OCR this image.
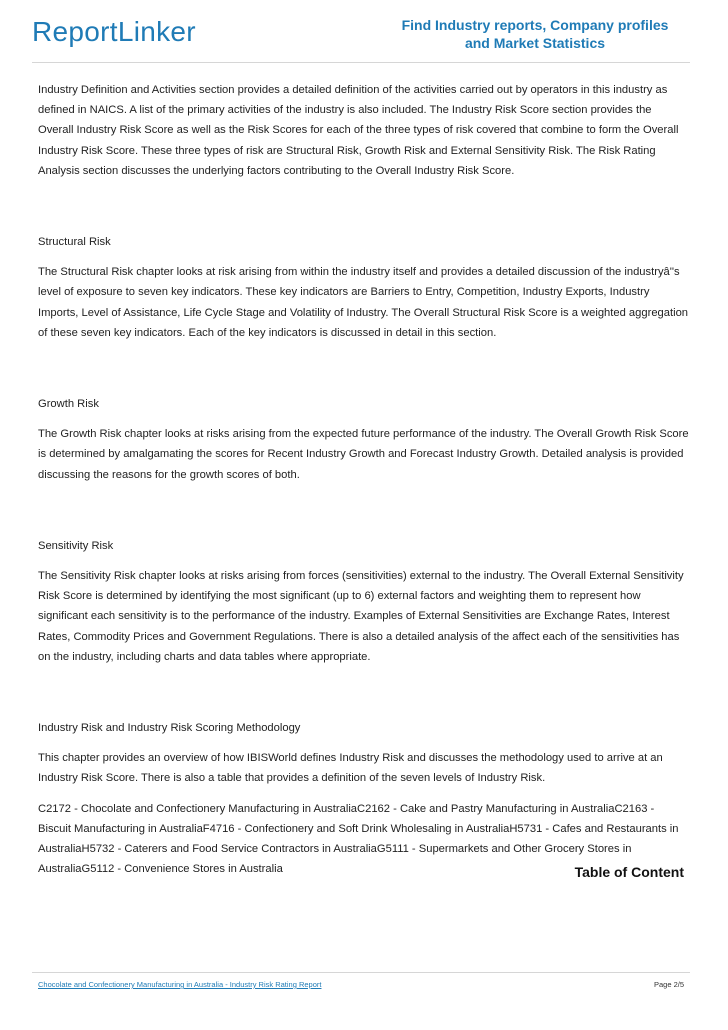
ReportLinker	Find Industry reports, Company profiles
and Market Statistics
Industry Definition and Activities section provides a detailed definition of the activities carried out by operators in this industry as defined in NAICS. A list of the primary activities of the industry is also included. The Industry Risk Score section provides the Overall Industry Risk Score as well as the Risk Scores for each of the three types of risk covered that combine to form the Overall Industry Risk Score. These three types of risk are Structural Risk, Growth Risk and External Sensitivity Risk. The Risk Rating Analysis section discusses the underlying factors contributing to the Overall Industry Risk Score.
Structural Risk
The Structural Risk chapter looks at risk arising from within the industry itself and provides a detailed discussion of the industryâ''s level of exposure to seven key indicators. These key indicators are Barriers to Entry, Competition, Industry Exports, Industry Imports, Level of Assistance, Life Cycle Stage and Volatility of Industry. The Overall Structural Risk Score is a weighted aggregation of these seven key indicators. Each of the key indicators is discussed in detail in this section.
Growth Risk
The Growth Risk chapter looks at risks arising from the expected future performance of the industry. The Overall Growth Risk Score is determined by amalgamating the scores for Recent Industry Growth and Forecast Industry Growth. Detailed analysis is provided discussing the reasons for the growth scores of both.
Sensitivity Risk
The Sensitivity Risk chapter looks at risks arising from forces (sensitivities) external to the industry. The Overall External Sensitivity Risk Score is determined by identifying the most significant (up to 6) external factors and weighting them to represent how significant each sensitivity is to the performance of the industry. Examples of External Sensitivities are Exchange Rates, Interest Rates, Commodity Prices and Government Regulations. There is also a detailed analysis of the affect each of the sensitivities has on the industry, including charts and data tables where appropriate.
Industry Risk and Industry Risk Scoring Methodology
This chapter provides an overview of how IBISWorld defines Industry Risk and discusses the methodology used to arrive at an Industry Risk Score. There is also a table that provides a definition of the seven levels of Industry Risk.
C2172 - Chocolate and Confectionery Manufacturing in AustraliaC2162 - Cake and Pastry Manufacturing in AustraliaC2163 - Biscuit Manufacturing in AustraliaF4716 - Confectionery and Soft Drink Wholesaling in AustraliaH5731 - Cafes and Restaurants in AustraliaH5732 - Caterers and Food Service Contractors in AustraliaG5111 - Supermarkets and Other Grocery Stores in AustraliaG5112 - Convenience Stores in Australia	Table of Content
Chocolate and Confectionery Manufacturing in Australia - Industry Risk Rating Report	Page 2/5
